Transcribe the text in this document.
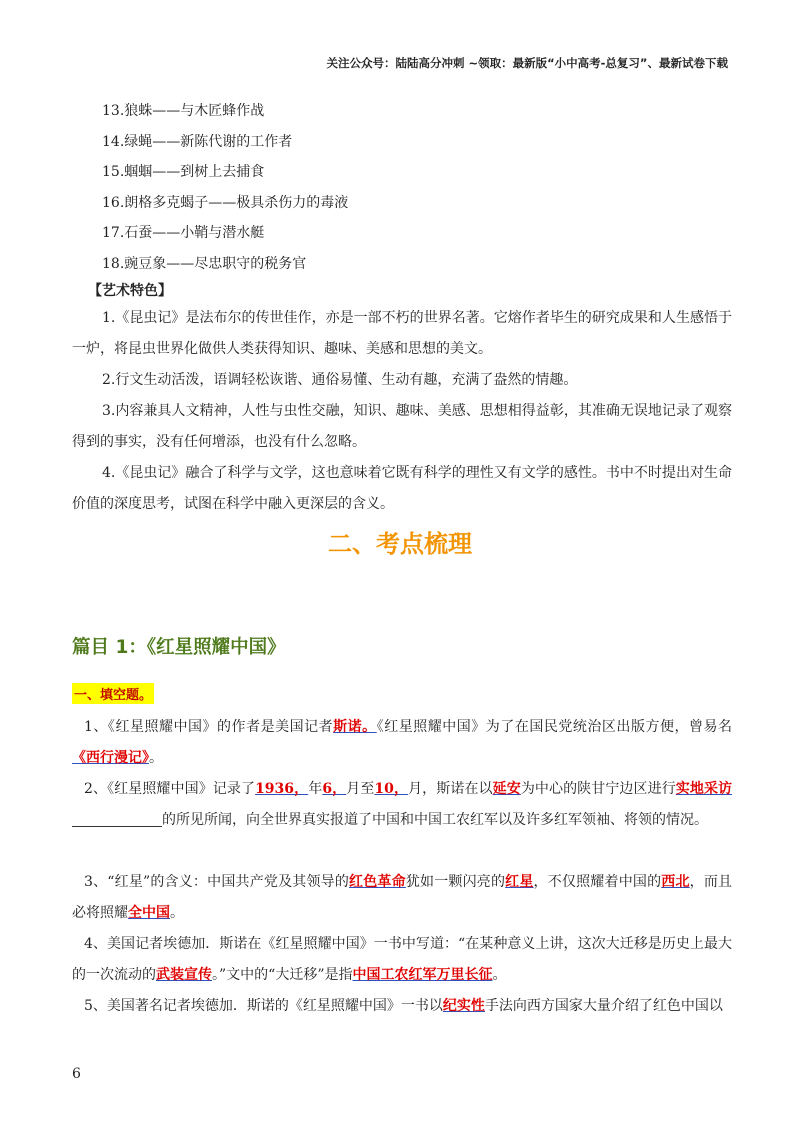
关注公众号：陆陆高分冲刺 ~领取：最新版“小中高考-总复习”、最新试卷下载
13.狼蛛——与木匠蜂作战
14.绿蝇——新陈代谢的工作者
15.蝈蝈——到树上去捕食
16.朗格多克蝎子——极具杀伤力的毒液
17.石蚕——小鞘与潜水艇
18.豌豆象——尽忠职守的税务官
【艺术特色】
1.《昆虫记》是法布尔的传世佳作，亦是一部不朽的世界名著。它熔作者毕生的研究成果和人生感悟于一炉，将昆虫世界化做供人类获得知识、趣味、美感和思想的美文。
2.行文生动活泼，语调轻松诙谐、通俗易懂、生动有趣，充满了盎然的情趣。
3.内容兼具人文精神，人性与虫性交融，知识、趣味、美感、思想相得益彰，其准确无误地记录了观察得到的事实，没有任何增添，也没有什么忽略。
4.《昆虫记》融合了科学与文学，这也意味着它既有科学的理性又有文学的感性。书中不时提出对生命价值的深度思考，试图在科学中融入更深层的含义。
二、考点梳理
篇目 1：《红星照耀中国》
一、填空题。
1、《红星照耀中国》的作者是美国记者斯诺。《红星照耀中国》为了在国民党统治区出版方便，曾易名《西行漫记》。
2、《红星照耀中国》记录了1936，年6，月至10，月，斯诺在以延安为中心的陕甘宁边区进行实地采访的所见所闻，向全世界真实报道了中国和中国工农红军以及许多红军领袖、将领的情况。
3、“红星”的含义：中国共产党及其领导的红色革命犹如一颗闪亮的红星，不仅照耀着中国的西北，而且必将照耀全中国。
4、美国记者埃德加．斯诺在《红星照耀中国》一书中写道：“在某种意义上讲，这次大迁移是历史上最大的一次流动的武装宣传。”文中的“大迁移”是指中国工农红军万里长征。
5、美国著名记者埃德加．斯诺的《红星照耀中国》一书以纪实性手法向西方国家大量介绍了红色中国以
6
